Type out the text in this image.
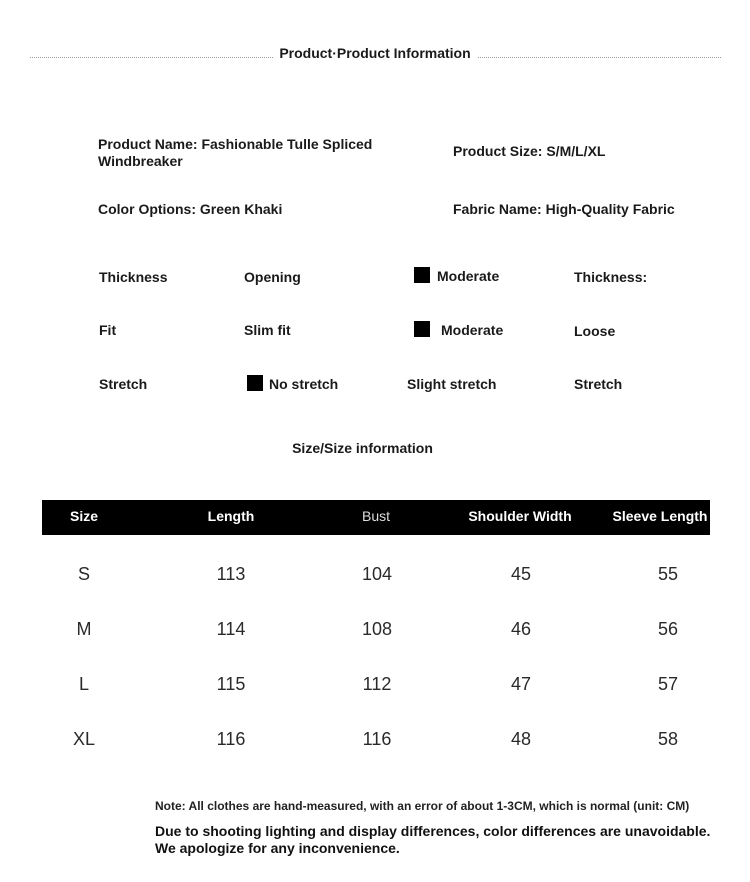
Product·Product Information
Product Name: Fashionable Tulle Spliced Windbreaker
Product Size: S/M/L/XL
Color Options: Green Khaki	Fabric Name: High-Quality Fabric
Thickness	Opening	Moderate	Thickness:
Fit	Slim fit	Moderate	Loose
Stretch	No stretch	Slight stretch	Stretch
Size/Size information
Size	Length	Bust	Shoulder Width	Sleeve Length
S	113	104	45	55
M	114	108	46	56
L	115	112	47	57
XL	116	116	48	58
Note: All clothes are hand-measured, with an error of about 1-3CM, which is normal (unit: CM)
Due to shooting lighting and display differences, color differences are unavoidable.
We apologize for any inconvenience.
